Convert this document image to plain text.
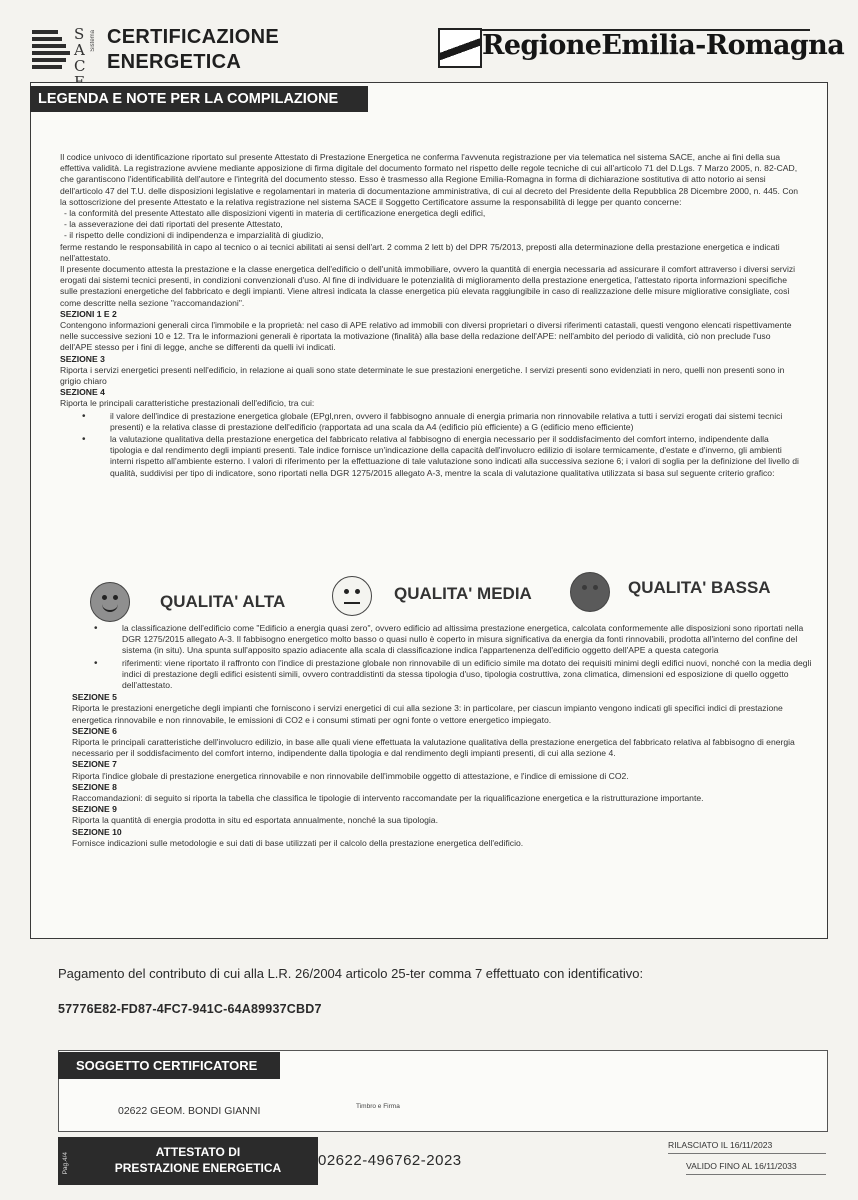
S
A
C
Sistema CERTIFICAZIONE
ENERGETICA
RegioneEmilia-Romagna
LEGENDA E NOTE PER LA COMPILAZIONE

Il codice univoco di identificazione riportato sul presente Attestato di Prestazione Energetica ne conferma l'avvenuta registrazione per via telematica nel sistema SACE, anche ai fini della sua effettiva validità. La registrazione avviene mediante apposizione di firma digitale del documento formato nel rispetto delle regole tecniche di cui all'articolo 71 del D.Lgs. 7 Marzo 2005, n. 82-CAD, che garantiscono l'identificabilità dell'autore e l'integrità del documento stesso. Esso è trasmesso alla Regione Emilia-Romagna in forma di dichiarazione sostitutiva di atto notorio ai sensi dell'articolo 47 del T.U. delle disposizioni legislative e regolamentari in materia di documentazione amministrativa, di cui al decreto del Presidente della Repubblica 28 Dicembre 2000, n. 445. Con la sottoscrizione del presente Attestato e la relativa registrazione nel sistema SACE il Soggetto Certificatore assume la responsabilità di legge per quanto concerne:

- la conformità del presente Attestato alle disposizioni vigenti in materia di certificazione energetica degli edifici,

- la asseverazione dei dati riportati del presente Attestato,

- il rispetto delle condizioni di indipendenza e imparzialità di giudizio,

ferme restando le responsabilità in capo al tecnico o ai tecnici abilitati ai sensi dell'art. 2 comma 2 lett b) del DPR 75/2013, preposti alla determinazione della prestazione energetica e indicati nell'attestato.

Il presente documento attesta la prestazione e la classe energetica dell'edificio o dell'unità immobiliare, ovvero la quantità di energia necessaria ad assicurare il comfort attraverso i diversi servizi erogati dai sistemi tecnici presenti, in condizioni convenzionali d'uso. Al fine di individuare le potenzialità di miglioramento della prestazione energetica, l'attestato riporta informazioni specifiche sulle prestazioni energetiche del fabbricato e degli impianti. Viene altresì indicata la classe energetica più elevata raggiungibile in caso di realizzazione delle misure migliorative consigliate, così come descritte nella sezione "raccomandazioni".

SEZIONI 1 E 2

Contengono informazioni generali circa l'immobile e la proprietà: nel caso di APE relativo ad immobili con diversi proprietari o diversi riferimenti catastali, questi vengono elencati rispettivamente nelle successive sezioni 10 e 12. Tra le informazioni generali è riportata la motivazione (finalità) alla base della redazione dell'APE: nell'ambito del periodo di validità, ciò non preclude l'uso dell'APE stesso per i fini di legge, anche se differenti da quelli ivi indicati.

SEZIONE 3

Riporta i servizi energetici presenti nell'edificio, in relazione ai quali sono state determinate le sue prestazioni energetiche. I servizi presenti sono evidenziati in nero, quelli non presenti sono in grigio chiaro

SEZIONE 4

Riporta le principali caratteristiche prestazionali dell'edificio, tra cui:

• il valore dell'indice di prestazione energetica globale (EPgl,nren, ovvero il fabbisogno annuale di energia primaria non rinnovabile relativa a tutti i servizi erogati dai sistemi tecnici presenti) e la relativa classe di prestazione dell'edificio (rapportata ad una scala da A4 (edificio più efficiente) a G (edificio meno efficiente)

• la valutazione qualitativa della prestazione energetica del fabbricato relativa al fabbisogno di energia necessario per il soddisfacimento del comfort interno, indipendente dalla tipologia e dal rendimento degli impianti presenti. Tale indice fornisce un'indicazione della capacità dell'involucro edilizio di isolare termicamente, d'estate e d'inverno, gli ambienti interni rispetto all'ambiente esterno. I valori di riferimento per la effettuazione di tale valutazione sono indicati alla successiva sezione 6; i valori di soglia per la definizione del livello di qualità, suddivisi per tipo di indicatore, sono riportati nella DGR 1275/2015 allegato A-3, mentre la scala di valutazione qualitativa utilizzata si basa sul seguente criterio grafico:

QUALITA' ALTA	QUALITA' MEDIA	QUALITA' BASSA

• la classificazione dell'edificio come "Edificio a energia quasi zero", ovvero edificio ad altissima prestazione energetica, calcolata conformemente alle disposizioni sono riportati nella DGR 1275/2015 allegato A-3. Il fabbisogno energetico molto basso o quasi nullo è coperto in misura significativa da energia da fonti rinnovabili, prodotta all'interno del confine del sistema (in situ). Una spunta sull'apposito spazio adiacente alla scala di classificazione indica l'appartenenza dell'edificio oggetto dell'APE a questa categoria

• riferimenti: viene riportato il raffronto con l'indice di prestazione globale non rinnovabile di un edificio simile ma dotato dei requisiti minimi degli edifici nuovi, nonché con la media degli indici di prestazione degli edifici esistenti simili, ovvero contraddistinti da stessa tipologia d'uso, tipologia costruttiva, zona climatica, dimensioni ed esposizione di quello oggetto dell'attestato.

SEZIONE 5

Riporta le prestazioni energetiche degli impianti che forniscono i servizi energetici di cui alla sezione 3: in particolare, per ciascun impianto vengono indicati gli specifici indici di prestazione energetica rinnovabile e non rinnovabile, le emissioni di CO2 e i consumi stimati per ogni fonte o vettore energetico impiegato.

SEZIONE 6

Riporta le principali caratteristiche dell'involucro edilizio, in base alle quali viene effettuata la valutazione qualitativa della prestazione energetica del fabbricato relativa al fabbisogno di energia necessario per il soddisfacimento del comfort interno, indipendente dalla tipologia e dal rendimento degli impianti presenti, di cui alla sezione 4.

SEZIONE 7

Riporta l'indice globale di prestazione energetica rinnovabile e non rinnovabile dell'immobile oggetto di attestazione, e l'indice di emissione di CO2.

SEZIONE 8

Raccomandazioni: di seguito si riporta la tabella che classifica le tipologie di intervento raccomandate per la riqualificazione energetica e la ristrutturazione importante.

SEZIONE 9

Riporta la quantità di energia prodotta in situ ed esportata annualmente, nonché la sua tipologia.

SEZIONE 10

Fornisce indicazioni sulle metodologie e sui dati di base utilizzati per il calcolo della prestazione energetica dell'edificio.

Pagamento del contributo di cui alla L.R. 26/2004 articolo 25-ter comma 7 effettuato con identificativo:
57776E82-FD87-4FC7-941C-64A89937CBD7
SOGGETTO CERTIFICATORE
02622 GEOM. BONDI GIANNI	Timbro e Firma
Pag.4/4	ATTESTATO DI
PRESTAZIONE ENERGETICA	02622-496762-2023
RILASCIATO IL 16/11/2023
VALIDO FINO AL 16/11/2033
